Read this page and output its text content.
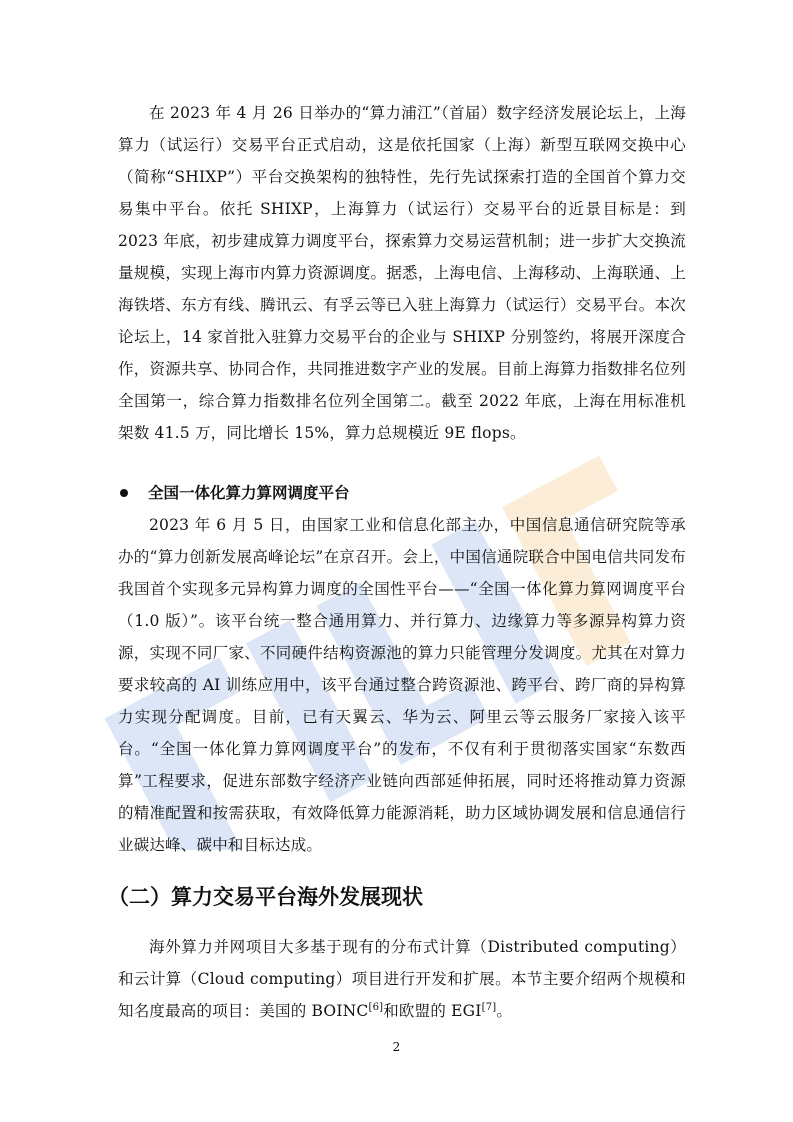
在 2023 年 4 月 26 日举办的“算力浦江”（首届）数字经济发展论坛上，上海算力（试运行）交易平台正式启动，这是依托国家（上海）新型互联网交换中心（简称“SHIXP”）平台交换架构的独特性，先行先试探索打造的全国首个算力交易集中平台。依托 SHIXP，上海算力（试运行）交易平台的近景目标是：到 2023 年底，初步建成算力调度平台，探索算力交易运营机制；进一步扩大交换流量规模，实现上海市内算力资源调度。据悉，上海电信、上海移动、上海联通、上海铁塔、东方有线、腾讯云、有孚云等已入驻上海算力（试运行）交易平台。本次论坛上，14 家首批入驻算力交易平台的企业与 SHIXP 分别签约，将展开深度合作，资源共享、协同合作，共同推进数字产业的发展。目前上海算力指数排名位列全国第一，综合算力指数排名位列全国第二。截至 2022 年底，上海在用标准机架数 41.5 万，同比增长 15%，算力总规模近 9E flops。

全国一体化算力算网调度平台

2023 年 6 月 5 日，由国家工业和信息化部主办，中国信息通信研究院等承办的“算力创新发展高峰论坛”在京召开。会上，中国信通院联合中国电信共同发布我国首个实现多元异构算力调度的全国性平台——“全国一体化算力算网调度平台（1.0 版）”。该平台统一整合通用算力、并行算力、边缘算力等多源异构算力资源，实现不同厂家、不同硬件结构资源池的算力只能管理分发调度。尤其在对算力要求较高的 AI 训练应用中，该平台通过整合跨资源池、跨平台、跨厂商的异构算力实现分配调度。目前，已有天翼云、华为云、阿里云等云服务厂家接入该平台。“全国一体化算力算网调度平台”的发布，不仅有利于贯彻落实国家“东数西算”工程要求，促进东部数字经济产业链向西部延伸拓展，同时还将推动算力资源的精准配置和按需获取，有效降低算力能源消耗，助力区域协调发展和信息通信行业碳达峰、碳中和目标达成。

（二）算力交易平台海外发展现状

海外算力并网项目大多基于现有的分布式计算（Distributed computing）和云计算（Cloud computing）项目进行开发和扩展。本节主要介绍两个规模和知名度最高的项目：美国的 BOINC[6]和欧盟的 EGI[7]。

2
